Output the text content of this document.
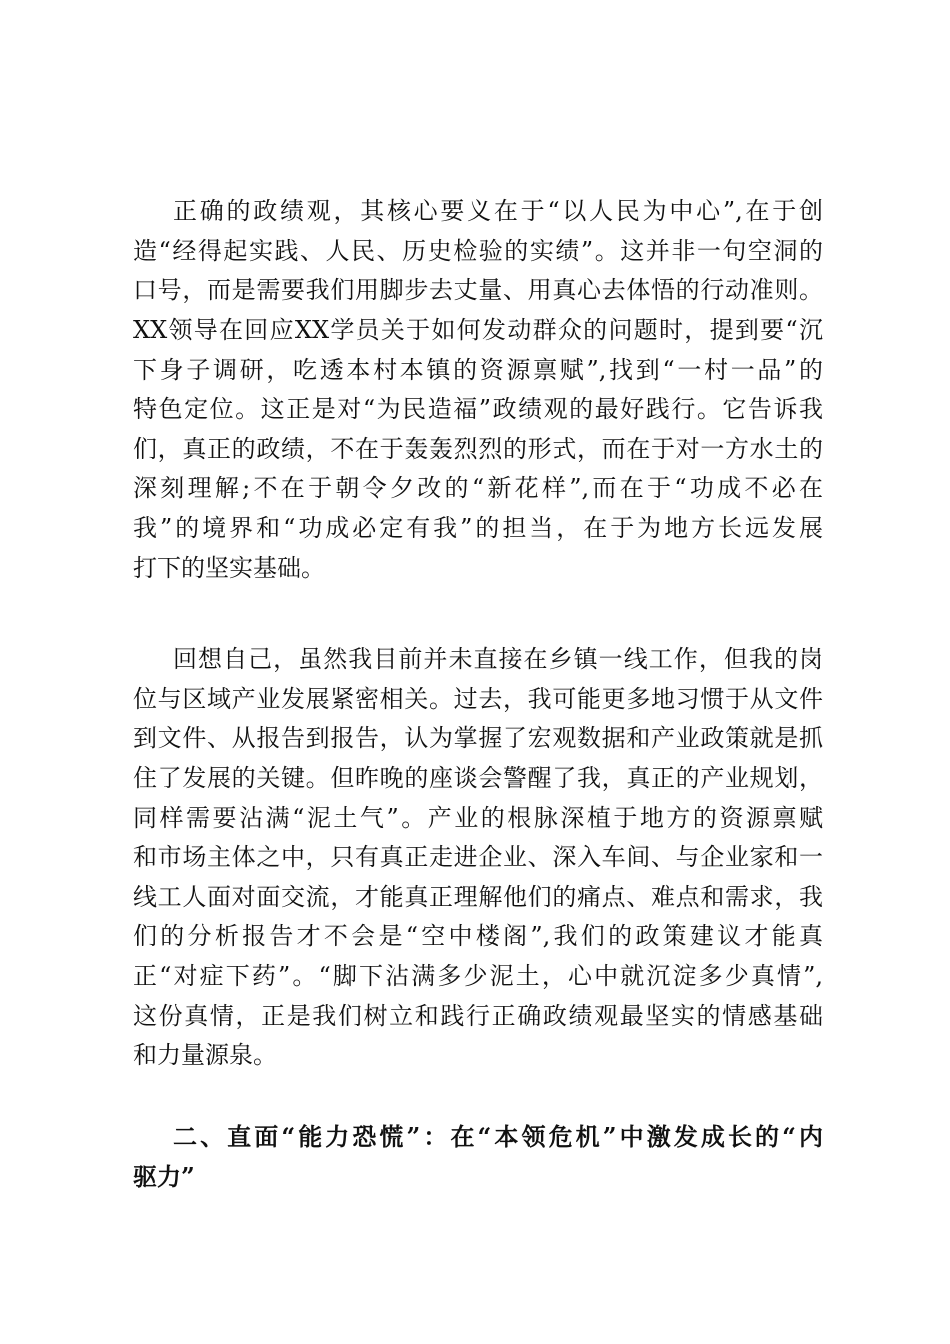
正确的政绩观，其核心要义在于“以人民为中心”,在于创
造“经得起实践、人民、历史检验的实绩”。这并非一句空洞的
口号，而是需要我们用脚步去丈量、用真心去体悟的行动准则。
XX领导在回应XX学员关于如何发动群众的问题时，提到要“沉
下身子调研，吃透本村本镇的资源禀赋”,找到“一村一品”的
特色定位。这正是对“为民造福”政绩观的最好践行。它告诉我
们，真正的政绩，不在于轰轰烈烈的形式，而在于对一方水土的
深刻理解;不在于朝令夕改的“新花样”,而在于“功成不必在
我”的境界和“功成必定有我”的担当，在于为地方长远发展
打下的坚实基础。
回想自己，虽然我目前并未直接在乡镇一线工作，但我的岗
位与区域产业发展紧密相关。过去，我可能更多地习惯于从文件
到文件、从报告到报告，认为掌握了宏观数据和产业政策就是抓
住了发展的关键。但昨晚的座谈会警醒了我，真正的产业规划，
同样需要沾满“泥土气”。产业的根脉深植于地方的资源禀赋
和市场主体之中，只有真正走进企业、深入车间、与企业家和一
线工人面对面交流，才能真正理解他们的痛点、难点和需求，我
们的分析报告才不会是“空中楼阁”,我们的政策建议才能真
正“对症下药”。“脚下沾满多少泥土，心中就沉淀多少真情”,
这份真情，正是我们树立和践行正确政绩观最坚实的情感基础
和力量源泉。
二、直面“能力恐慌”：在“本领危机”中激发成长的“内
驱力”
